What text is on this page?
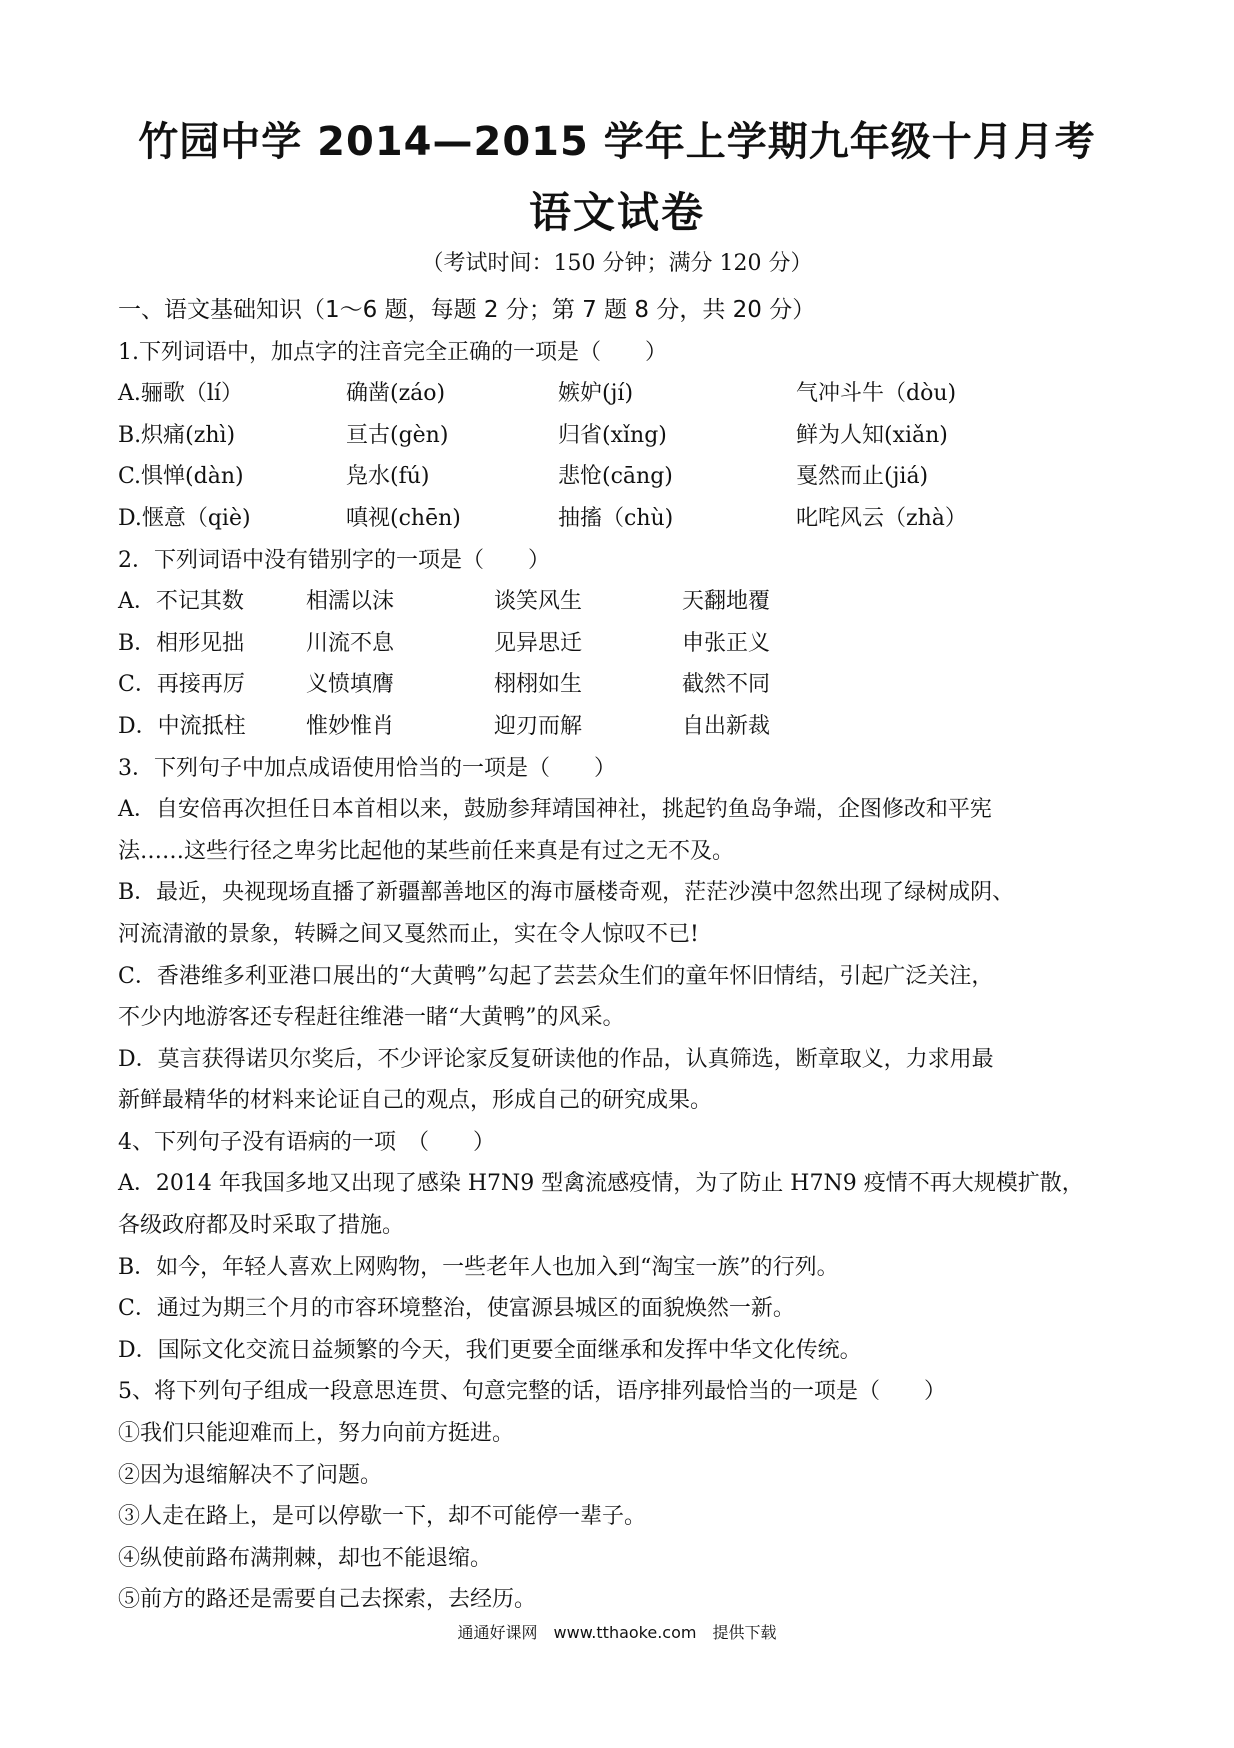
竹园中学 2014—2015 学年上学期九年级十月月考
语文试卷
（考试时间：150 分钟；满分 120 分）
一、语文基础知识（1～6 题，每题 2 分；第 7 题 8 分，共 20 分）
1.下列词语中，加点字的注音完全正确的一项是（　　）
A.骊歌（lí）	确凿(záo)	嫉妒(jí)	气冲斗牛（dòu)
B.炽痛(zhì)	亘古(gèn)	归省(xǐng)	鲜为人知(xiǎn)
C.惧惮(dàn)	凫水(fú)	悲怆(cāng)	戛然而止(jiá)
D.惬意（qiè)	嗔视(chēn)	抽搐（chù)	叱咤风云（zhà）
2．下列词语中没有错别字的一项是（　　）
A．不记其数	相濡以沫	谈笑风生	天翻地覆
B．相形见拙	川流不息	见异思迁	申张正义
C．再接再厉	义愤填膺	栩栩如生	截然不同
D．中流抵柱	惟妙惟肖	迎刃而解	自出新裁
3．下列句子中加点成语使用恰当的一项是（　　）
A．自安倍再次担任日本首相以来，鼓励参拜靖国神社，挑起钓鱼岛争端，企图修改和平宪
法……这些行径之卑劣比起他的某些前任来真是有过之无不及。
B．最近，央视现场直播了新疆鄯善地区的海市蜃楼奇观，茫茫沙漠中忽然出现了绿树成阴、
河流清澈的景象，转瞬之间又戛然而止，实在令人惊叹不已!
C．香港维多利亚港口展出的“大黄鸭”勾起了芸芸众生们的童年怀旧情结，引起广泛关注，
不少内地游客还专程赶往维港一睹“大黄鸭”的风采。
D．莫言获得诺贝尔奖后，不少评论家反复研读他的作品，认真筛选，断章取义，力求用最
新鲜最精华的材料来论证自己的观点，形成自己的研究成果。
4、下列句子没有语病的一项　（　　）
A．2014 年我国多地又出现了感染 H7N9 型禽流感疫情，为了防止 H7N9 疫情不再大规模扩散，
各级政府都及时采取了措施。
B．如今，年轻人喜欢上网购物，一些老年人也加入到“淘宝一族”的行列。
C．通过为期三个月的市容环境整治，使富源县城区的面貌焕然一新。
D．国际文化交流日益频繁的今天，我们更要全面继承和发挥中华文化传统。
5、将下列句子组成一段意思连贯、句意完整的话，语序排列最恰当的一项是（　　）
①我们只能迎难而上，努力向前方挺进。
②因为退缩解决不了问题。
③人走在路上，是可以停歇一下，却不可能停一辈子。
④纵使前路布满荆棘，却也不能退缩。
⑤前方的路还是需要自己去探索，去经历。
通通好课网　www.tthaoke.com　提供下载
